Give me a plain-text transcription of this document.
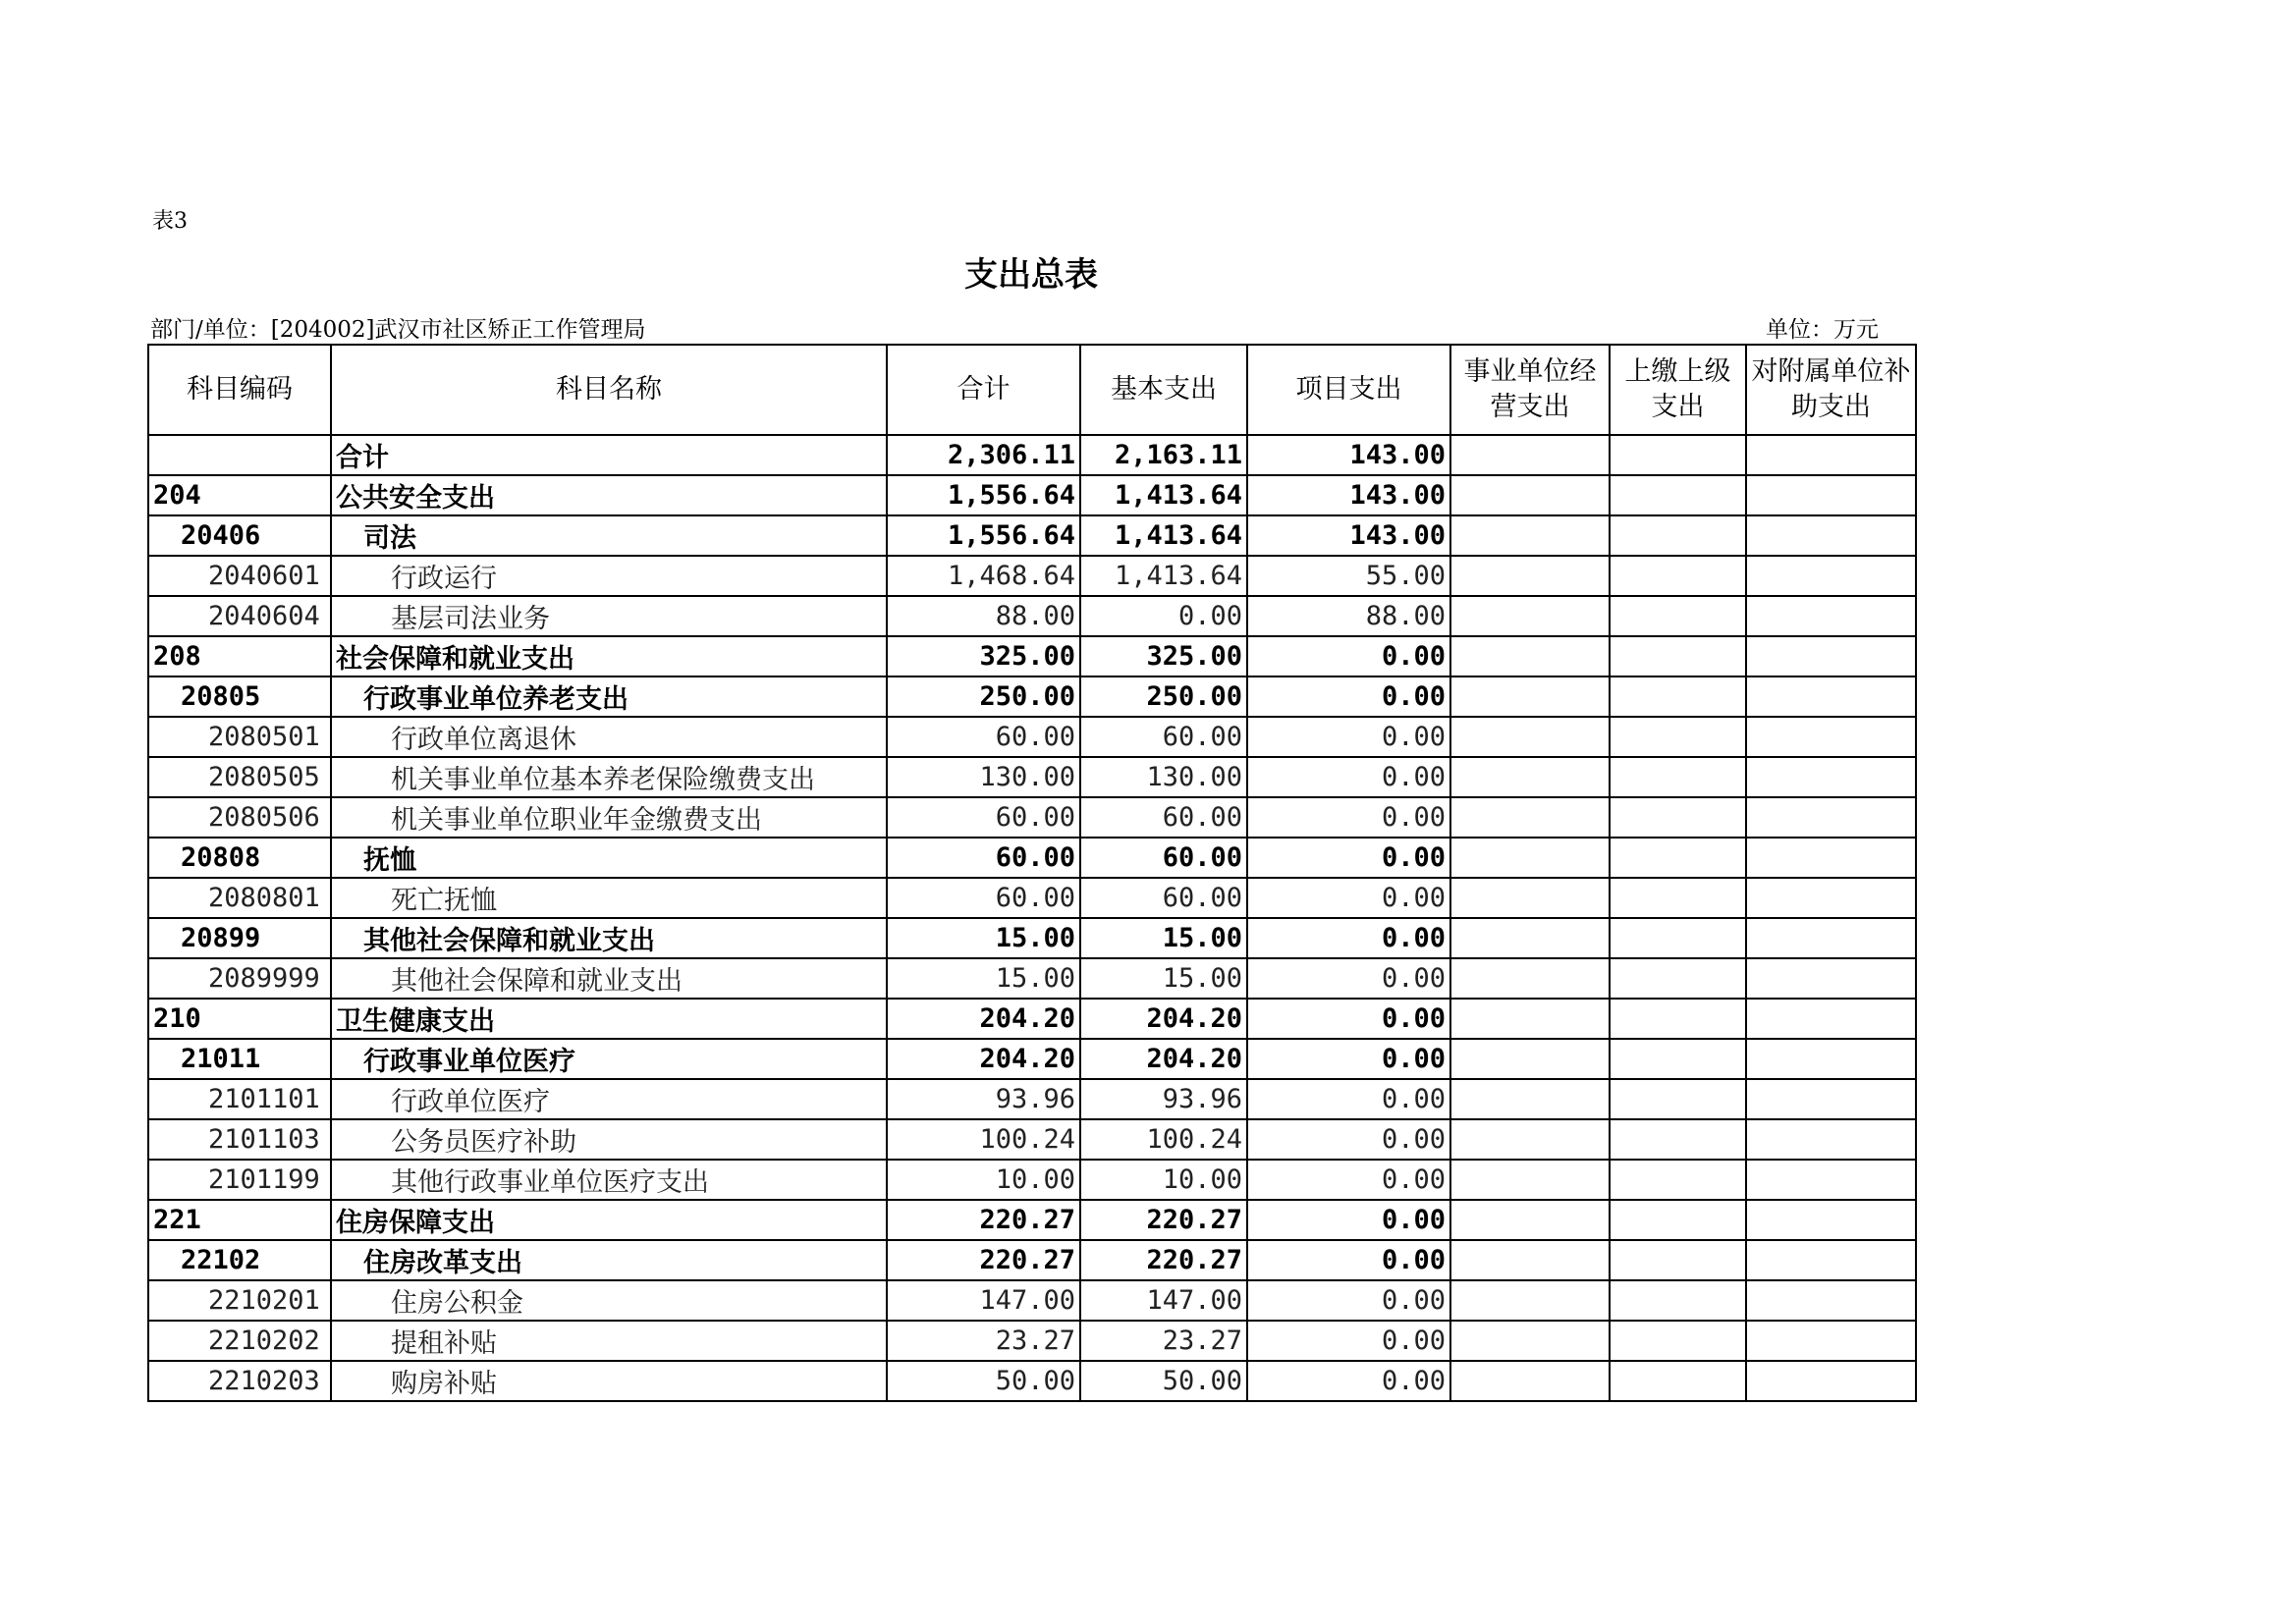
表3
支出总表
部门/单位：[204002]武汉市社区矫正工作管理局	单位：万元
科目编码	科目名称	合计	基本支出	项目支出	事业单位经营支出	上缴上级支出	对附属单位补助支出
	合计	2,306.11	2,163.11	143.00			
204	公共安全支出	1,556.64	1,413.64	143.00			
20406	司法	1,556.64	1,413.64	143.00			
2040601	行政运行	1,468.64	1,413.64	55.00			
2040604	基层司法业务	88.00	0.00	88.00			
208	社会保障和就业支出	325.00	325.00	0.00			
20805	行政事业单位养老支出	250.00	250.00	0.00			
2080501	行政单位离退休	60.00	60.00	0.00			
2080505	机关事业单位基本养老保险缴费支出	130.00	130.00	0.00			
2080506	机关事业单位职业年金缴费支出	60.00	60.00	0.00			
20808	抚恤	60.00	60.00	0.00			
2080801	死亡抚恤	60.00	60.00	0.00			
20899	其他社会保障和就业支出	15.00	15.00	0.00			
2089999	其他社会保障和就业支出	15.00	15.00	0.00			
210	卫生健康支出	204.20	204.20	0.00			
21011	行政事业单位医疗	204.20	204.20	0.00			
2101101	行政单位医疗	93.96	93.96	0.00			
2101103	公务员医疗补助	100.24	100.24	0.00			
2101199	其他行政事业单位医疗支出	10.00	10.00	0.00			
221	住房保障支出	220.27	220.27	0.00			
22102	住房改革支出	220.27	220.27	0.00			
2210201	住房公积金	147.00	147.00	0.00			
2210202	提租补贴	23.27	23.27	0.00			
2210203	购房补贴	50.00	50.00	0.00			
